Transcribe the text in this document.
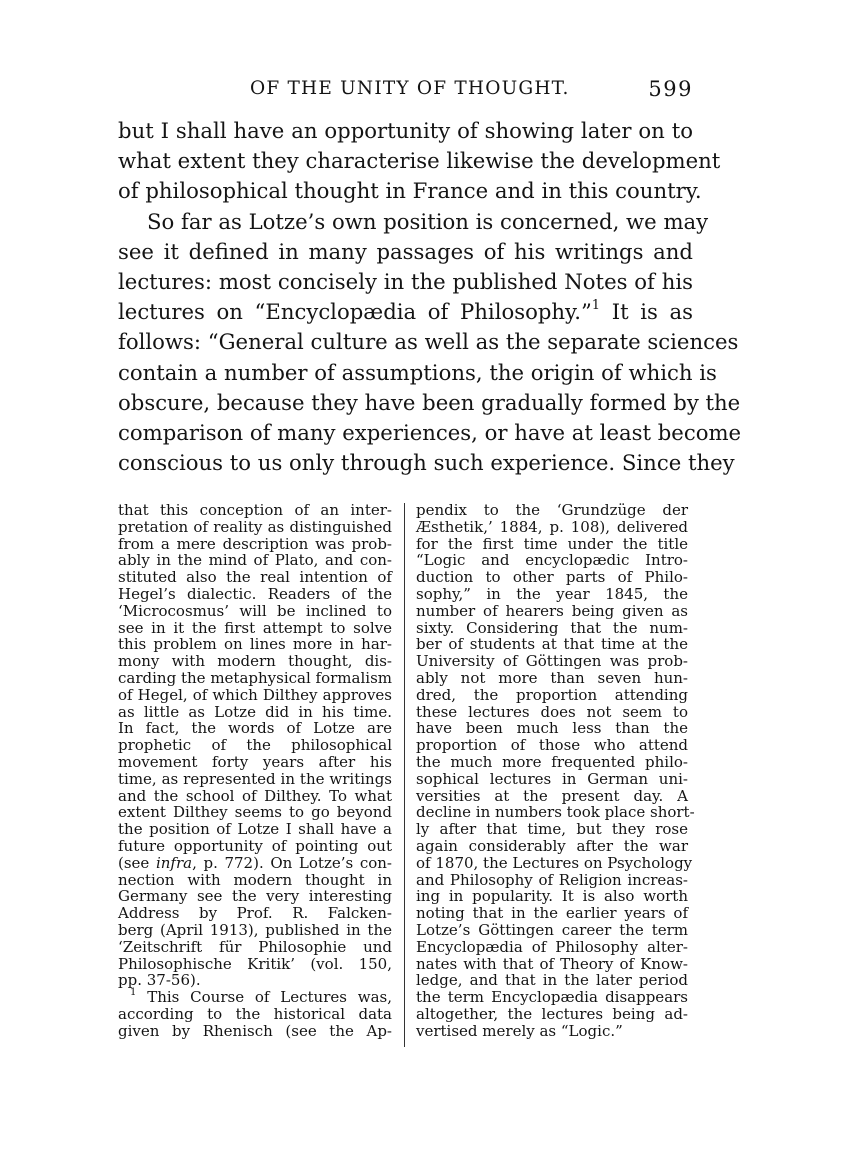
OF THE UNITY OF THOUGHT.	599
but I shall have an opportunity of showing later on to
what extent they characterise likewise the development
of philosophical thought in France and in this country.
So far as Lotze’s own position is concerned, we may
see it defined in many passages of his writings and
lectures: most concisely in the published Notes of his
lectures on “Encyclopædia of Philosophy.”$^1$ It is as
follows: “General culture as well as the separate sciences
contain a number of assumptions, the origin of which is
obscure, because they have been gradually formed by the
comparison of many experiences, or have at least become
conscious to us only through such experience. Since they
that this conception of an inter-
pretation of reality as distinguished
from a mere description was prob-
ably in the mind of Plato, and con-
stituted also the real intention of
Hegel’s dialectic. Readers of the
‘Microcosmus’ will be inclined to
see in it the first attempt to solve
this problem on lines more in har-
mony with modern thought, dis-
carding the metaphysical formalism
of Hegel, of which Dilthey approves
as little as Lotze did in his time.
In fact, the words of Lotze are
prophetic of the philosophical
movement forty years after his
time, as represented in the writings
and the school of Dilthey. To what
extent Dilthey seems to go beyond
the position of Lotze I shall have a
future opportunity of pointing out
(see infra, p. 772). On Lotze’s con-
nection with modern thought in
Germany see the very interesting
Address by Prof. R. Falcken-
berg (April 1913), published in the
‘Zeitschrift für Philosophie und
Philosophische Kritik’ (vol. 150,
pp. 37-56).
$^1$ This Course of Lectures was,
according to the historical data
given by Rhenisch (see the Ap-
pendix to the ‘Grundzüge der
Æsthetik,’ 1884, p. 108), delivered
for the first time under the title
“Logic and encyclopædic Intro-
duction to other parts of Philo-
sophy,” in the year 1845, the
number of hearers being given as
sixty. Considering that the num-
ber of students at that time at the
University of Göttingen was prob-
ably not more than seven hun-
dred, the proportion attending
these lectures does not seem to
have been much less than the
proportion of those who attend
the much more frequented philo-
sophical lectures in German uni-
versities at the present day. A
decline in numbers took place short-
ly after that time, but they rose
again considerably after the war
of 1870, the Lectures on Psychology
and Philosophy of Religion increas-
ing in popularity. It is also worth
noting that in the earlier years of
Lotze’s Göttingen career the term
Encyclopædia of Philosophy alter-
nates with that of Theory of Know-
ledge, and that in the later period
the term Encyclopædia disappears
altogether, the lectures being ad-
vertised merely as “Logic.”
